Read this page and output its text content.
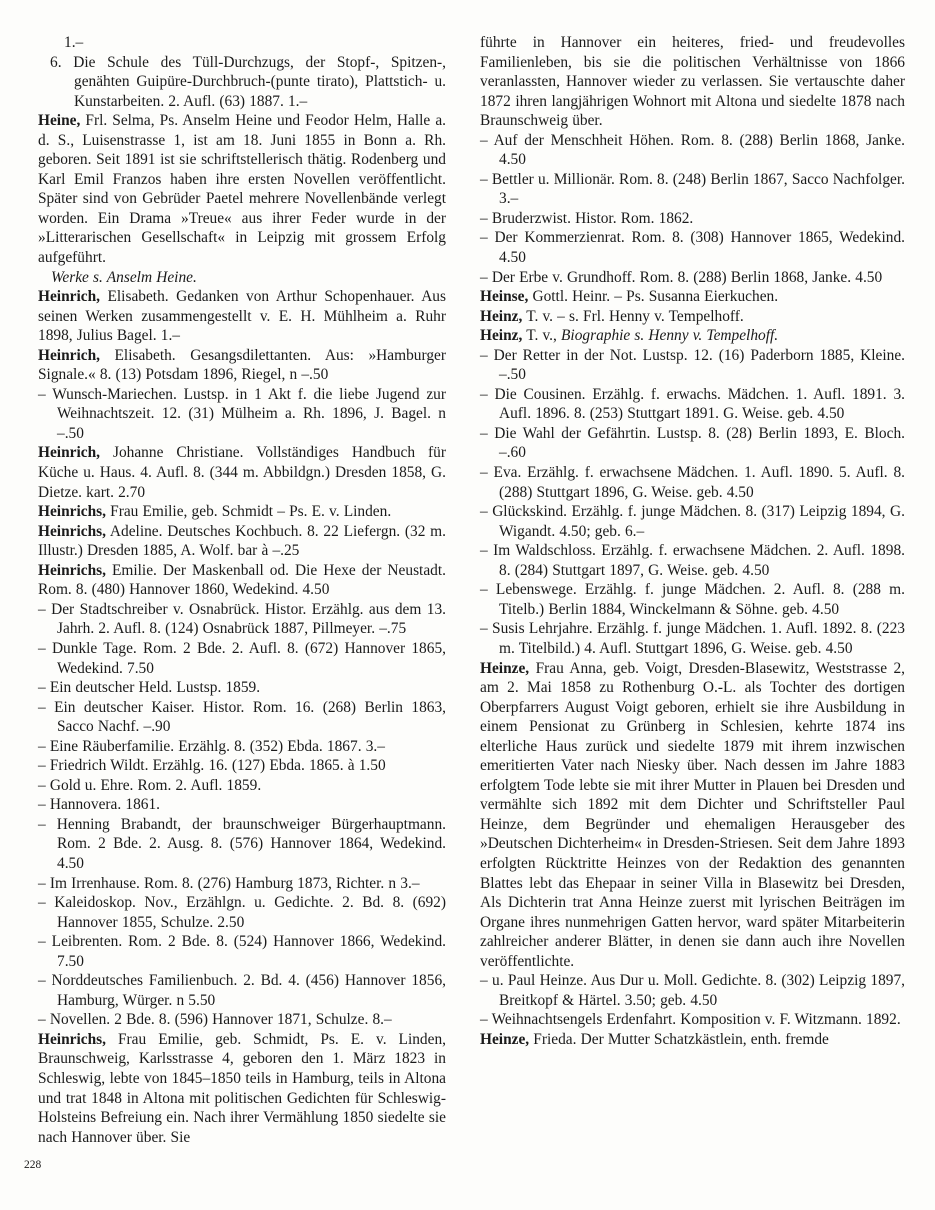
1.–

6. Die Schule des Tüll-Durchzugs, der Stopf-, Spitzen-, genähten Guipüre-Durchbruch-(punte tirato), Plattstich- u. Kunstarbeiten. 2. Aufl. (63) 1887. 1.–

Heine, Frl. Selma, Ps. Anselm Heine und Feodor Helm, Halle a. d. S., Luisenstrasse 1, ist am 18. Juni 1855 in Bonn a. Rh. geboren. Seit 1891 ist sie schriftstellerisch thätig. Rodenberg und Karl Emil Franzos haben ihre ersten Novellen veröffentlicht. Später sind von Gebrüder Paetel mehrere Novellenbände verlegt worden. Ein Drama »Treue« aus ihrer Feder wurde in der »Litterarischen Gesellschaft« in Leipzig mit grossem Erfolg aufgeführt.

Werke s. Anselm Heine.

Heinrich, Elisabeth. Gedanken von Arthur Schopenhauer. Aus seinen Werken zusammengestellt v. E. H. Mühlheim a. Ruhr 1898, Julius Bagel. 1.–

Heinrich, Elisabeth. Gesangsdilettanten. Aus: »Hamburger Signale.« 8. (13) Potsdam 1896, Riegel, n –.50

– Wunsch-Mariechen. Lustsp. in 1 Akt f. die liebe Jugend zur Weihnachtszeit. 12. (31) Mülheim a. Rh. 1896, J. Bagel. n –.50

Heinrich, Johanne Christiane. Vollständiges Handbuch für Küche u. Haus. 4. Aufl. 8. (344 m. Abbildgn.) Dresden 1858, G. Dietze. kart. 2.70

Heinrichs, Frau Emilie, geb. Schmidt – Ps. E. v. Linden.

Heinrichs, Adeline. Deutsches Kochbuch. 8. 22 Liefergn. (32 m. Illustr.) Dresden 1885, A. Wolf. bar à –.25

Heinrichs, Emilie. Der Maskenball od. Die Hexe der Neustadt. Rom. 8. (480) Hannover 1860, Wedekind. 4.50

– Der Stadtschreiber v. Osnabrück. Histor. Erzählg. aus dem 13. Jahrh. 2. Aufl. 8. (124) Osnabrück 1887, Pillmeyer. –.75

– Dunkle Tage. Rom. 2 Bde. 2. Aufl. 8. (672) Hannover 1865, Wedekind. 7.50

– Ein deutscher Held. Lustsp. 1859.

– Ein deutscher Kaiser. Histor. Rom. 16. (268) Berlin 1863, Sacco Nachf. –.90

– Eine Räuberfamilie. Erzählg. 8. (352) Ebda. 1867. 3.–

– Friedrich Wildt. Erzählg. 16. (127) Ebda. 1865. à 1.50

– Gold u. Ehre. Rom. 2. Aufl. 1859.

– Hannovera. 1861.

– Henning Brabandt, der braunschweiger Bürgerhauptmann. Rom. 2 Bde. 2. Ausg. 8. (576) Hannover 1864, Wedekind. 4.50

– Im Irrenhause. Rom. 8. (276) Hamburg 1873, Richter. n 3.–

– Kaleidoskop. Nov., Erzählgn. u. Gedichte. 2. Bd. 8. (692) Hannover 1855, Schulze. 2.50

– Leibrenten. Rom. 2 Bde. 8. (524) Hannover 1866, Wedekind. 7.50

– Norddeutsches Familienbuch. 2. Bd. 4. (456) Hannover 1856, Hamburg, Würger. n 5.50

– Novellen. 2 Bde. 8. (596) Hannover 1871, Schulze. 8.–

Heinrichs, Frau Emilie, geb. Schmidt, Ps. E. v. Linden, Braunschweig, Karlsstrasse 4, geboren den 1. März 1823 in Schleswig, lebte von 1845–1850 teils in Hamburg, teils in Altona und trat 1848 in Altona mit politischen Gedichten für Schleswig-Holsteins Befreiung ein. Nach ihrer Vermählung 1850 siedelte sie nach Hannover über. Sie

führte in Hannover ein heiteres, fried- und freudevolles Familienleben, bis sie die politischen Verhältnisse von 1866 veranlassten, Hannover wieder zu verlassen. Sie vertauschte daher 1872 ihren langjährigen Wohnort mit Altona und siedelte 1878 nach Braunschweig über.

– Auf der Menschheit Höhen. Rom. 8. (288) Berlin 1868, Janke. 4.50

– Bettler u. Millionär. Rom. 8. (248) Berlin 1867, Sacco Nachfolger. 3.–

– Bruderzwist. Histor. Rom. 1862.

– Der Kommerzienrat. Rom. 8. (308) Hannover 1865, Wedekind. 4.50

– Der Erbe v. Grundhoff. Rom. 8. (288) Berlin 1868, Janke. 4.50

Heinse, Gottl. Heinr. – Ps. Susanna Eierkuchen.

Heinz, T. v. – s. Frl. Henny v. Tempelhoff.

Heinz, T. v., Biographie s. Henny v. Tempelhoff.

– Der Retter in der Not. Lustsp. 12. (16) Paderborn 1885, Kleine. –.50

– Die Cousinen. Erzählg. f. erwachs. Mädchen. 1. Aufl. 1891. 3. Aufl. 1896. 8. (253) Stuttgart 1891. G. Weise. geb. 4.50

– Die Wahl der Gefährtin. Lustsp. 8. (28) Berlin 1893, E. Bloch. –.60

– Eva. Erzählg. f. erwachsene Mädchen. 1. Aufl. 1890. 5. Aufl. 8. (288) Stuttgart 1896, G. Weise. geb. 4.50

– Glückskind. Erzählg. f. junge Mädchen. 8. (317) Leipzig 1894, G. Wigandt. 4.50; geb. 6.–

– Im Waldschloss. Erzählg. f. erwachsene Mädchen. 2. Aufl. 1898. 8. (284) Stuttgart 1897, G. Weise. geb. 4.50

– Lebenswege. Erzählg. f. junge Mädchen. 2. Aufl. 8. (288 m. Titelb.) Berlin 1884, Winckelmann & Söhne. geb. 4.50

– Susis Lehrjahre. Erzählg. f. junge Mädchen. 1. Aufl. 1892. 8. (223 m. Titelbild.) 4. Aufl. Stuttgart 1896, G. Weise. geb. 4.50

Heinze, Frau Anna, geb. Voigt, Dresden-Blasewitz, Weststrasse 2, am 2. Mai 1858 zu Rothenburg O.-L. als Tochter des dortigen Oberpfarrers August Voigt geboren, erhielt sie ihre Ausbildung in einem Pensionat zu Grünberg in Schlesien, kehrte 1874 ins elterliche Haus zurück und siedelte 1879 mit ihrem inzwischen emeritierten Vater nach Niesky über. Nach dessen im Jahre 1883 erfolgtem Tode lebte sie mit ihrer Mutter in Plauen bei Dresden und vermählte sich 1892 mit dem Dichter und Schriftsteller Paul Heinze, dem Begründer und ehemaligen Herausgeber des »Deutschen Dichterheim« in Dresden-Striesen. Seit dem Jahre 1893 erfolgten Rücktritte Heinzes von der Redaktion des genannten Blattes lebt das Ehepaar in seiner Villa in Blasewitz bei Dresden, Als Dichterin trat Anna Heinze zuerst mit lyrischen Beiträgen im Organe ihres nunmehrigen Gatten hervor, ward später Mitarbeiterin zahlreicher anderer Blätter, in denen sie dann auch ihre Novellen veröffentlichte.

– u. Paul Heinze. Aus Dur u. Moll. Gedichte. 8. (302) Leipzig 1897, Breitkopf & Härtel. 3.50; geb. 4.50

– Weihnachtsengels Erdenfahrt. Komposition v. F. Witzmann. 1892.

Heinze, Frieda. Der Mutter Schatzkästlein, enth. fremde

228
